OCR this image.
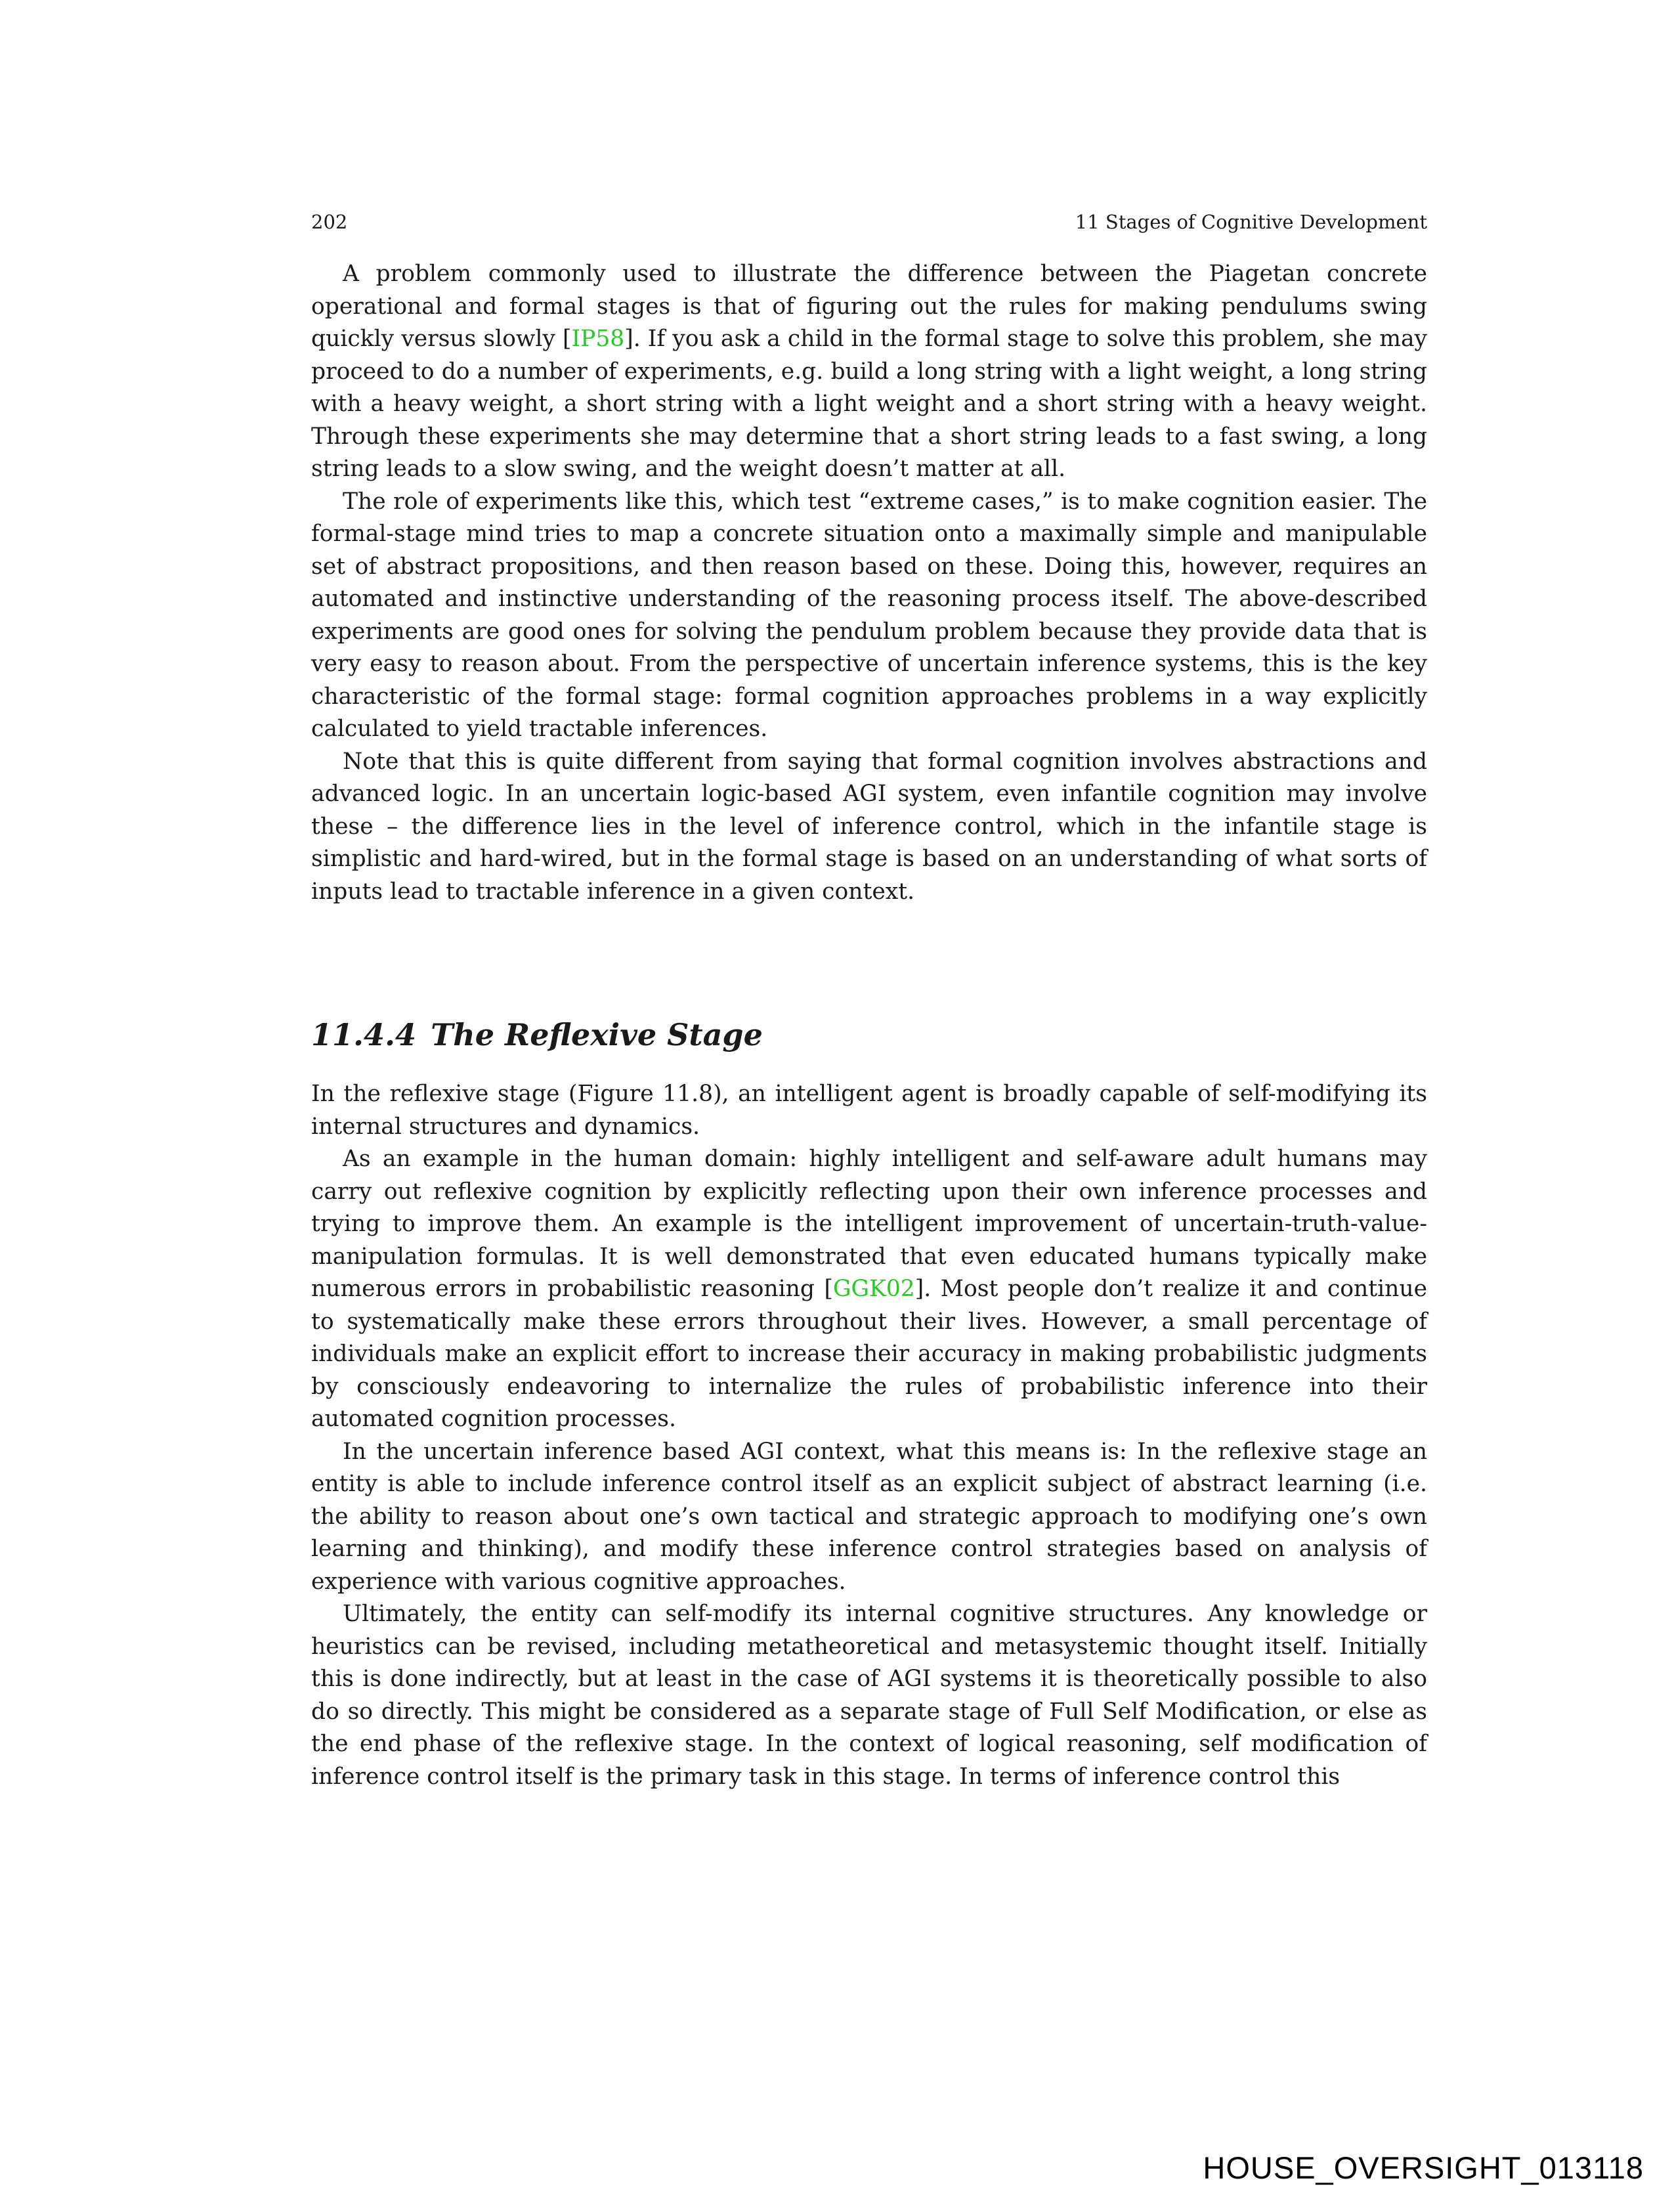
202	11 Stages of Cognitive Development

A problem commonly used to illustrate the difference between the Piagetan concrete operational and formal stages is that of figuring out the rules for making pendulums swing quickly versus slowly [IP58]. If you ask a child in the formal stage to solve this problem, she may proceed to do a number of experiments, e.g. build a long string with a light weight, a long string with a heavy weight, a short string with a light weight and a short string with a heavy weight. Through these experiments she may determine that a short string leads to a fast swing, a long string leads to a slow swing, and the weight doesn’t matter at all.

The role of experiments like this, which test “extreme cases,” is to make cognition easier. The formal-stage mind tries to map a concrete situation onto a maximally simple and manipulable set of abstract propositions, and then reason based on these. Doing this, however, requires an automated and instinctive understanding of the reasoning process itself. The above-described experiments are good ones for solving the pendulum problem because they provide data that is very easy to reason about. From the perspective of uncertain inference systems, this is the key characteristic of the formal stage: formal cognition approaches problems in a way explicitly calculated to yield tractable inferences.

Note that this is quite different from saying that formal cognition involves abstractions and advanced logic. In an uncertain logic-based AGI system, even infantile cognition may involve these – the difference lies in the level of inference control, which in the infantile stage is simplistic and hard-wired, but in the formal stage is based on an understanding of what sorts of inputs lead to tractable inference in a given context.

11.4.4 The Reflexive Stage

In the reflexive stage (Figure 11.8), an intelligent agent is broadly capable of self-modifying its internal structures and dynamics.

As an example in the human domain: highly intelligent and self-aware adult humans may carry out reflexive cognition by explicitly reflecting upon their own inference processes and trying to improve them. An example is the intelligent improvement of uncertain-truth-value-manipulation formulas. It is well demonstrated that even educated humans typically make numerous errors in probabilistic reasoning [GGK02]. Most people don’t realize it and continue to systematically make these errors throughout their lives. However, a small percentage of individuals make an explicit effort to increase their accuracy in making probabilistic judgments by consciously endeavoring to internalize the rules of probabilistic inference into their automated cognition processes.

In the uncertain inference based AGI context, what this means is: In the reflexive stage an entity is able to include inference control itself as an explicit subject of abstract learning (i.e. the ability to reason about one’s own tactical and strategic approach to modifying one’s own learning and thinking), and modify these inference control strategies based on analysis of experience with various cognitive approaches.

Ultimately, the entity can self-modify its internal cognitive structures. Any knowledge or heuristics can be revised, including metatheoretical and metasystemic thought itself. Initially this is done indirectly, but at least in the case of AGI systems it is theoretically possible to also do so directly. This might be considered as a separate stage of Full Self Modification, or else as the end phase of the reflexive stage. In the context of logical reasoning, self modification of inference control itself is the primary task in this stage. In terms of inference control this

HOUSE_OVERSIGHT_013118
